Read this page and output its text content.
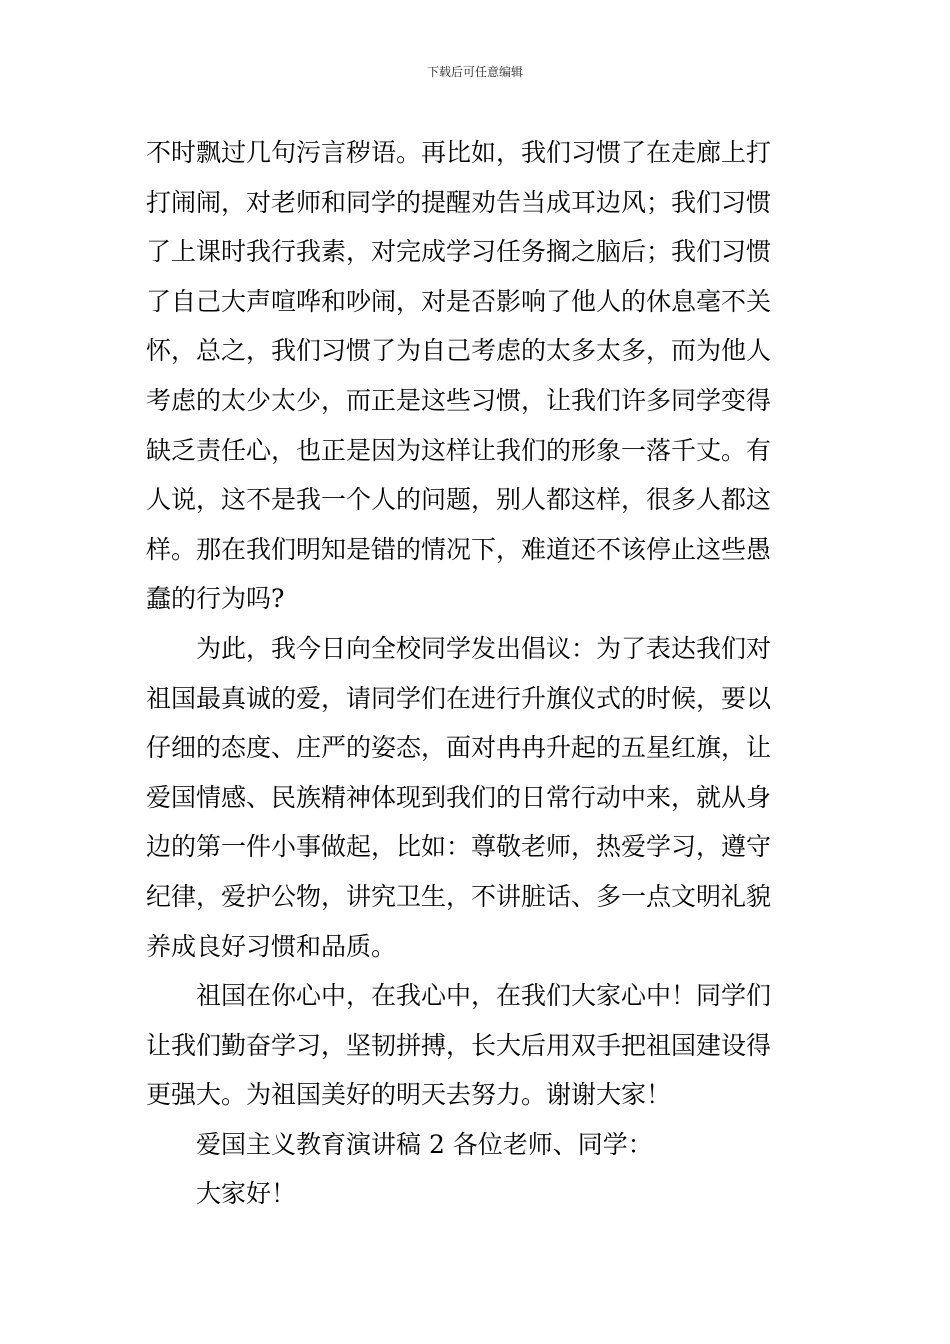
下载后可任意编辑
不时飘过几句污言秽语。再比如，我们习惯了在走廊上打
打闹闹，对老师和同学的提醒劝告当成耳边风；我们习惯
了上课时我行我素，对完成学习任务搁之脑后；我们习惯
了自己大声喧哗和吵闹，对是否影响了他人的休息毫不关
怀，总之，我们习惯了为自己考虑的太多太多，而为他人
考虑的太少太少，而正是这些习惯，让我们许多同学变得
缺乏责任心，也正是因为这样让我们的形象一落千丈。有
人说，这不是我一个人的问题，别人都这样，很多人都这
样。那在我们明知是错的情况下，难道还不该停止这些愚
蠢的行为吗?
为此，我今日向全校同学发出倡议：为了表达我们对
祖国最真诚的爱，请同学们在进行升旗仪式的时候，要以
仔细的态度、庄严的姿态，面对冉冉升起的五星红旗，让
爱国情感、民族精神体现到我们的日常行动中来，就从身
边的第一件小事做起，比如：尊敬老师，热爱学习，遵守
纪律，爱护公物，讲究卫生，不讲脏话、多一点文明礼貌
养成良好习惯和品质。
祖国在你心中，在我心中，在我们大家心中！同学们
让我们勤奋学习，坚韧拼搏，长大后用双手把祖国建设得
更强大。为祖国美好的明天去努力。谢谢大家！
爱国主义教育演讲稿 2 各位老师、同学：
大家好！
